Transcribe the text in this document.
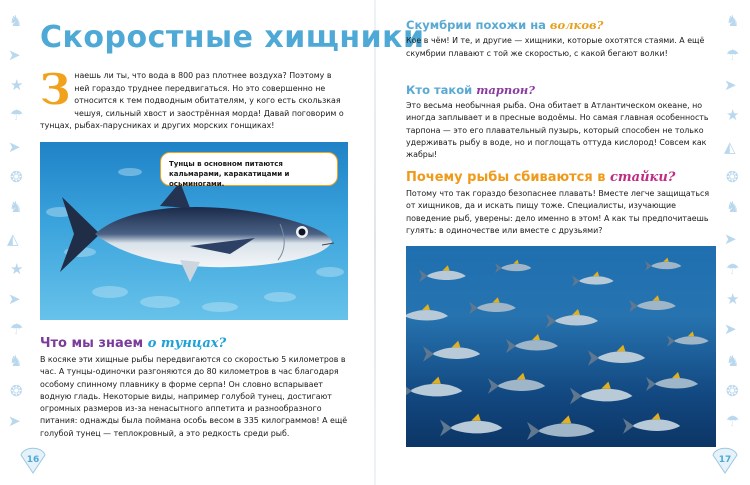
♞
➤
★
☂
➤
❂
♞
◭
★
➤
☂
♞
❂
➤
♞
☂
➤
★
◭
❂
♞
➤
☂
★
➤
♞
❂
☂
Скоростные хищники
Знаешь ли ты, что вода в 800 раз плотнее воздуха? Поэтому в ней гораздо труднее передвигаться. Но это совершенно не относится к тем подводным обитателям, у кого есть скользкая чешуя, сильный хвост и заострённая морда! Давай поговорим о тунцах, рыбах-парусниках и других морских гонщиках!
Тунцы в основном питаются кальмарами, каракатицами и осьминогами.
Что мы знаем о тунцах?

В косяке эти хищные рыбы передвигаются со скоростью 5 километров в час. А тунцы-одиночки разгоняются до 80 километров в час благодаря особому спинному плавнику в форме серпа! Он словно вспарывает водную гладь. Некоторые виды, например голубой тунец, достигают огромных размеров из-за ненасытного аппетита и разнообразного питания: однажды была поймана особь весом в 335 килограммов! А ещё голубой тунец — теплокровный, а это редкость среди рыб.

16
Скумбрии похожи на волков?

Кое в чём! И те, и другие — хищники, которые охотятся стаями. А ещё скумбрии плавают с той же скоростью, с какой бегают волки!

Кто такой тарпон?

Это весьма необычная рыба. Она обитает в Атлантическом океане, но иногда заплывает и в пресные водоёмы. Но самая главная особенность тарпона — это его плавательный пузырь, который способен не только удерживать рыбу в воде, но и поглощать оттуда кислород! Совсем как жабры!

Почему рыбы сбиваются в стайки?

Потому что так гораздо безопаснее плавать! Вместе легче защищаться от хищников, да и искать пищу тоже. Специалисты, изучающие поведение рыб, уверены: дело именно в этом! А как ты предпочитаешь гулять: в одиночестве или вместе с друзьями?

17
